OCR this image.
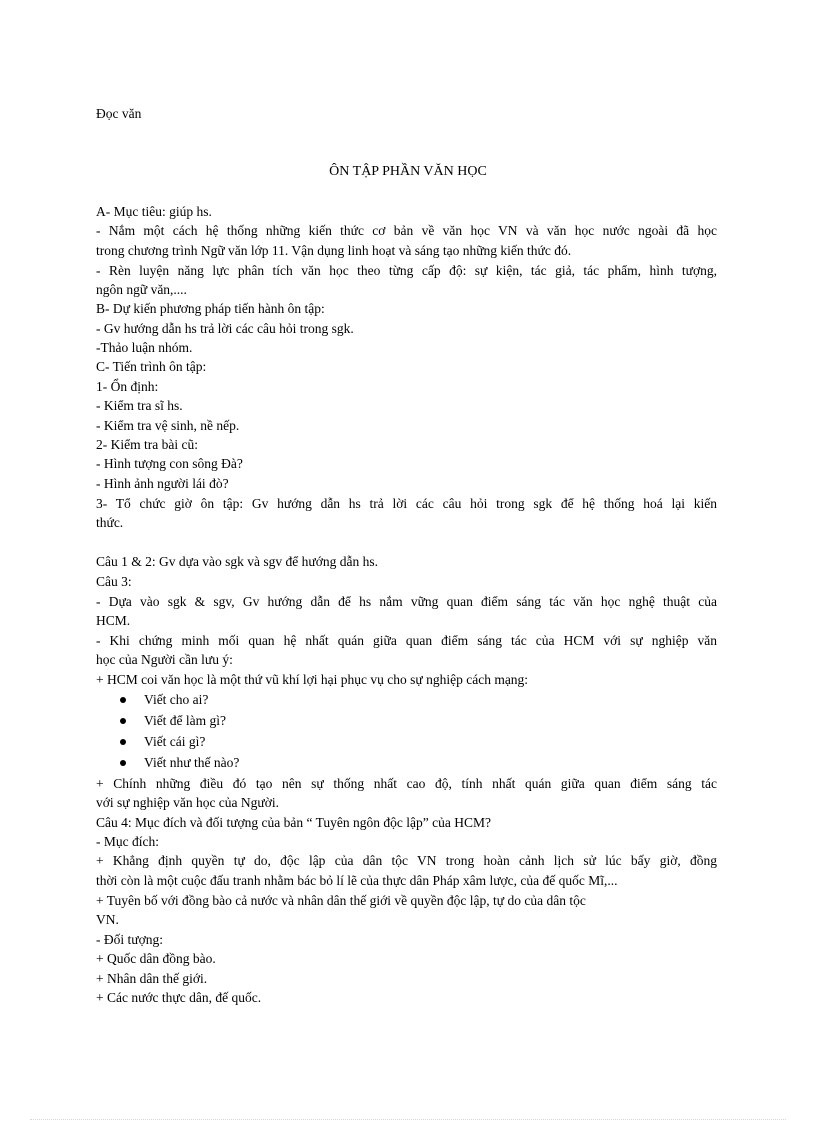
Đọc văn
ÔN TẬP PHẦN VĂN HỌC
A- Mục tiêu: giúp hs.
- Nắm một cách hệ thống những kiến thức cơ bản về văn học VN và văn học nước ngoài đã học
trong chương trình Ngữ văn lớp 11. Vận dụng linh hoạt và sáng tạo những kiến thức đó.
- Rèn luyện năng lực phân tích văn học theo từng cấp độ: sự kiện, tác giả, tác phẩm, hình tượng,
ngôn ngữ văn,....
B- Dự kiến phương pháp tiến hành ôn tập:
- Gv hướng dẫn hs trả lời các câu hỏi trong sgk.
-Thảo luận nhóm.
C- Tiến trình ôn tập:
1- Ổn định:
- Kiểm tra sĩ hs.
- Kiểm tra vệ sinh, nề nếp.
2- Kiểm tra bài cũ:
- Hình tượng con sông Đà?
- Hình ảnh người lái đò?
3- Tổ chức giờ ôn tập: Gv hướng dẫn hs trả lời các câu hỏi trong sgk để hệ thống hoá lại kiến
thức.
Câu 1 & 2: Gv dựa vào sgk và sgv để hướng dẫn hs.
Câu 3:
- Dựa vào sgk & sgv, Gv hướng dẫn để hs nắm vững quan điểm sáng tác văn học nghệ thuật của
HCM.
- Khi chứng minh mối quan hệ nhất quán giữa quan điểm sáng tác của HCM với sự nghiệp văn
học của Người cần lưu ý:
+ HCM coi văn học là một thứ vũ khí lợi hại phục vụ cho sự nghiệp cách mạng:
Viết cho ai?
Viết để làm gì?
Viết cái gì?
Viết như thế nào?
+ Chính những điều đó tạo nên sự thống nhất cao độ, tính nhất quán giữa quan điểm sáng tác
với sự nghiệp văn học của Người.
Câu 4: Mục đích và đối tượng của bản “ Tuyên ngôn độc lập” của HCM?
- Mục đích:
+ Khẳng định quyền tự do, độc lập của dân tộc VN trong hoàn cảnh lịch sử lúc bấy giờ, đồng
thời còn là một cuộc đấu tranh nhằm bác bỏ lí lẽ của thực dân Pháp xâm lược, của đế quốc Mĩ,...
+ Tuyên bố với đồng bào cả nước và nhân dân thế giới về quyền độc lập, tự do của dân tộc
VN.
- Đối tượng:
+ Quốc dân đồng bào.
+ Nhân dân thế giới.
+ Các nước thực dân, đế quốc.
